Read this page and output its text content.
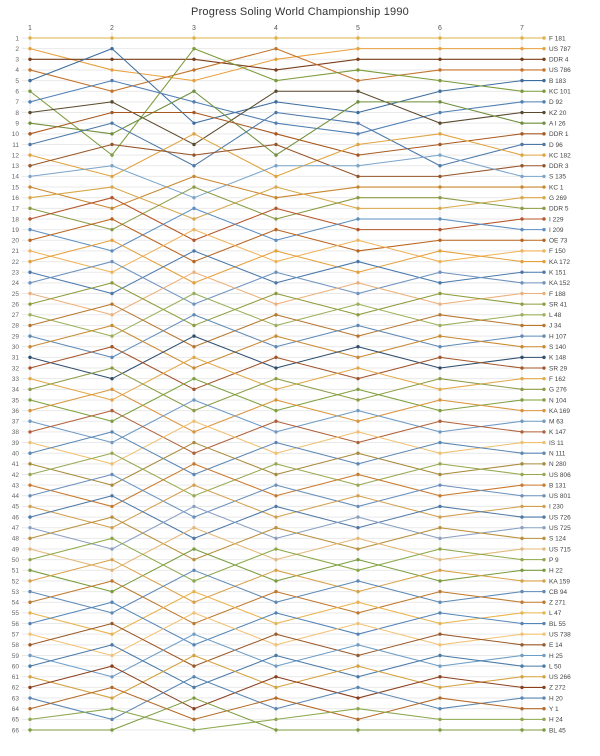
Progress Soling World Championship 1990
1	2	3	4	5	6	7
1
2
3
4
5
6
7
8
9
10
11
12
13
14
15
16
17
18
19
20
21
22
23
24
25
26
27
28
29
30
31
32
33
34
35
36
37
38
39
40
41
42
43
44
45
46
47
48
49
50
51
52
53
54
55
56
57
58
59
60
61
62
63
64
65
66
F 181
US 787
DDR 4
US 786
B 183
KC 101
D 92
KZ 20
A I 26
DDR 1
D 96
KC 182
DDR 3
S 135
KC 1
G 269
DDR 5
I 229
I 209
OE 73
F 150
KA 172
K 151
KA 152
F 188
SR 41
L 48
J 34
H 107
S 140
K 148
SR 29
F 162
G 276
N 104
KA 169
M 63
K 147
IS 11
N 111
N 280
US 806
B 131
US 801
I 230
US 726
US 725
S 124
US 715
P 9
H 22
KA 159
CB 94
Z 271
L 47
BL 55
US 738
E 14
H 25
L 50
US 266
Z 272
H 20
Y 1
H 24
BL 45
